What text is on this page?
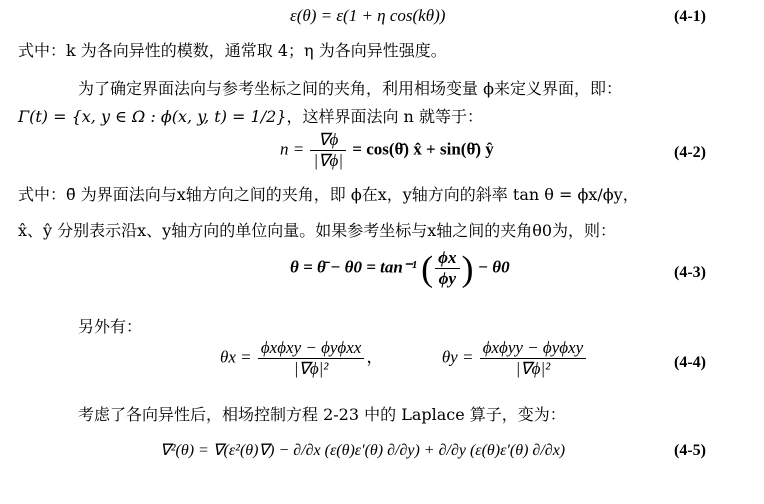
ε(θ) = ε(1 + η cos(kθ))	(4-1)
式中：k 为各向异性的模数，通常取 4；η 为各向异性强度。
为了确定界面法向与参考坐标之间的夹角，利用相场变量 ϕ来定义界面，即：
Γ(t) = {x, y ∈ Ω : ϕ(x, y, t) = 1/2}，这样界面法向 n 就等于：
$n = \frac{\nabla\phi}{|\nabla\phi|}$ = cos(θ̄) x̂ + sin(θ̄) ŷ	(4-2)
式中：θ̄ 为界面法向与x轴方向之间的夹角，即 ϕ在x，y轴方向的斜率 tan θ = ϕx/ϕy，
x̂、ŷ 分别表示沿x、y轴方向的单位向量。如果参考坐标与x轴之间的夹角θ0为，则：
θ = θ̄ − θ0 = tan⁻¹ ( $\frac{\phi x}{\phi y}$ ) − θ0	(4-3)
另外有：
$\theta x = \frac{\text{ϕxϕxy − ϕyϕxx}}{\text{|∇ϕ|²}}$ ，	$\theta y = \frac{\text{ϕxϕyy − ϕyϕxy}}{\text{|∇ϕ|²}}$	(4-4)
考虑了各向异性后，相场控制方程 2-23 中的 Laplace 算子，变为：
∇²(θ) = ∇(ε²(θ)∇) − ∂/∂x (ε(θ)ε′(θ) ∂/∂y) + ∂/∂y (ε(θ)ε′(θ) ∂/∂x)	(4-5)
